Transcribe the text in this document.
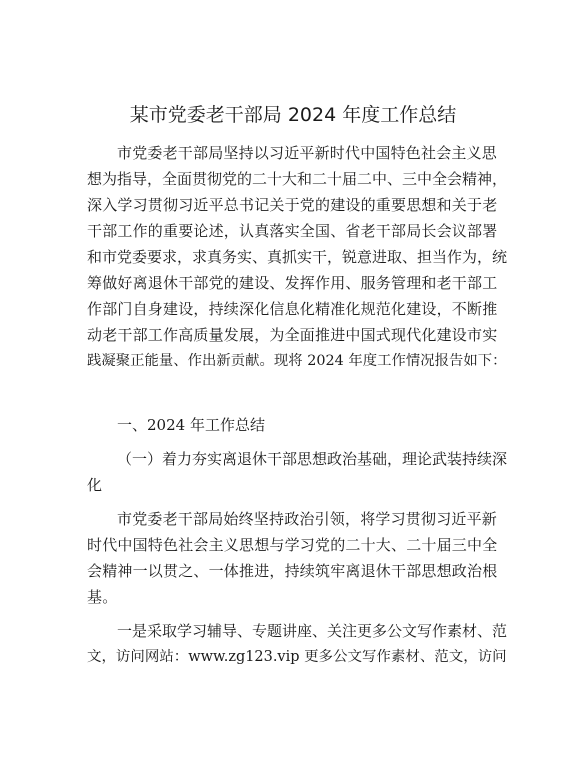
某市党委老干部局 2024 年度工作总结
市党委老干部局坚持以习近平新时代中国特色社会主义思
想为指导，全面贯彻党的二十大和二十届二中、三中全会精神，
深入学习贯彻习近平总书记关于党的建设的重要思想和关于老
干部工作的重要论述，认真落实全国、省老干部局长会议部署
和市党委要求，求真务实、真抓实干，锐意进取、担当作为，统
筹做好离退休干部党的建设、发挥作用、服务管理和老干部工
作部门自身建设，持续深化信息化精准化规范化建设，不断推
动老干部工作高质量发展，为全面推进中国式现代化建设市实
践凝聚正能量、作出新贡献。现将 2024 年度工作情况报告如下：
一、2024 年工作总结
（一）着力夯实离退休干部思想政治基础，理论武装持续深
化
市党委老干部局始终坚持政治引领，将学习贯彻习近平新
时代中国特色社会主义思想与学习党的二十大、二十届三中全
会精神一以贯之、一体推进，持续筑牢离退休干部思想政治根
基。
一是采取学习辅导、专题讲座、关注更多公文写作素材、范
文，访问网站：www.zg123.vip 更多公文写作素材、范文，访问
